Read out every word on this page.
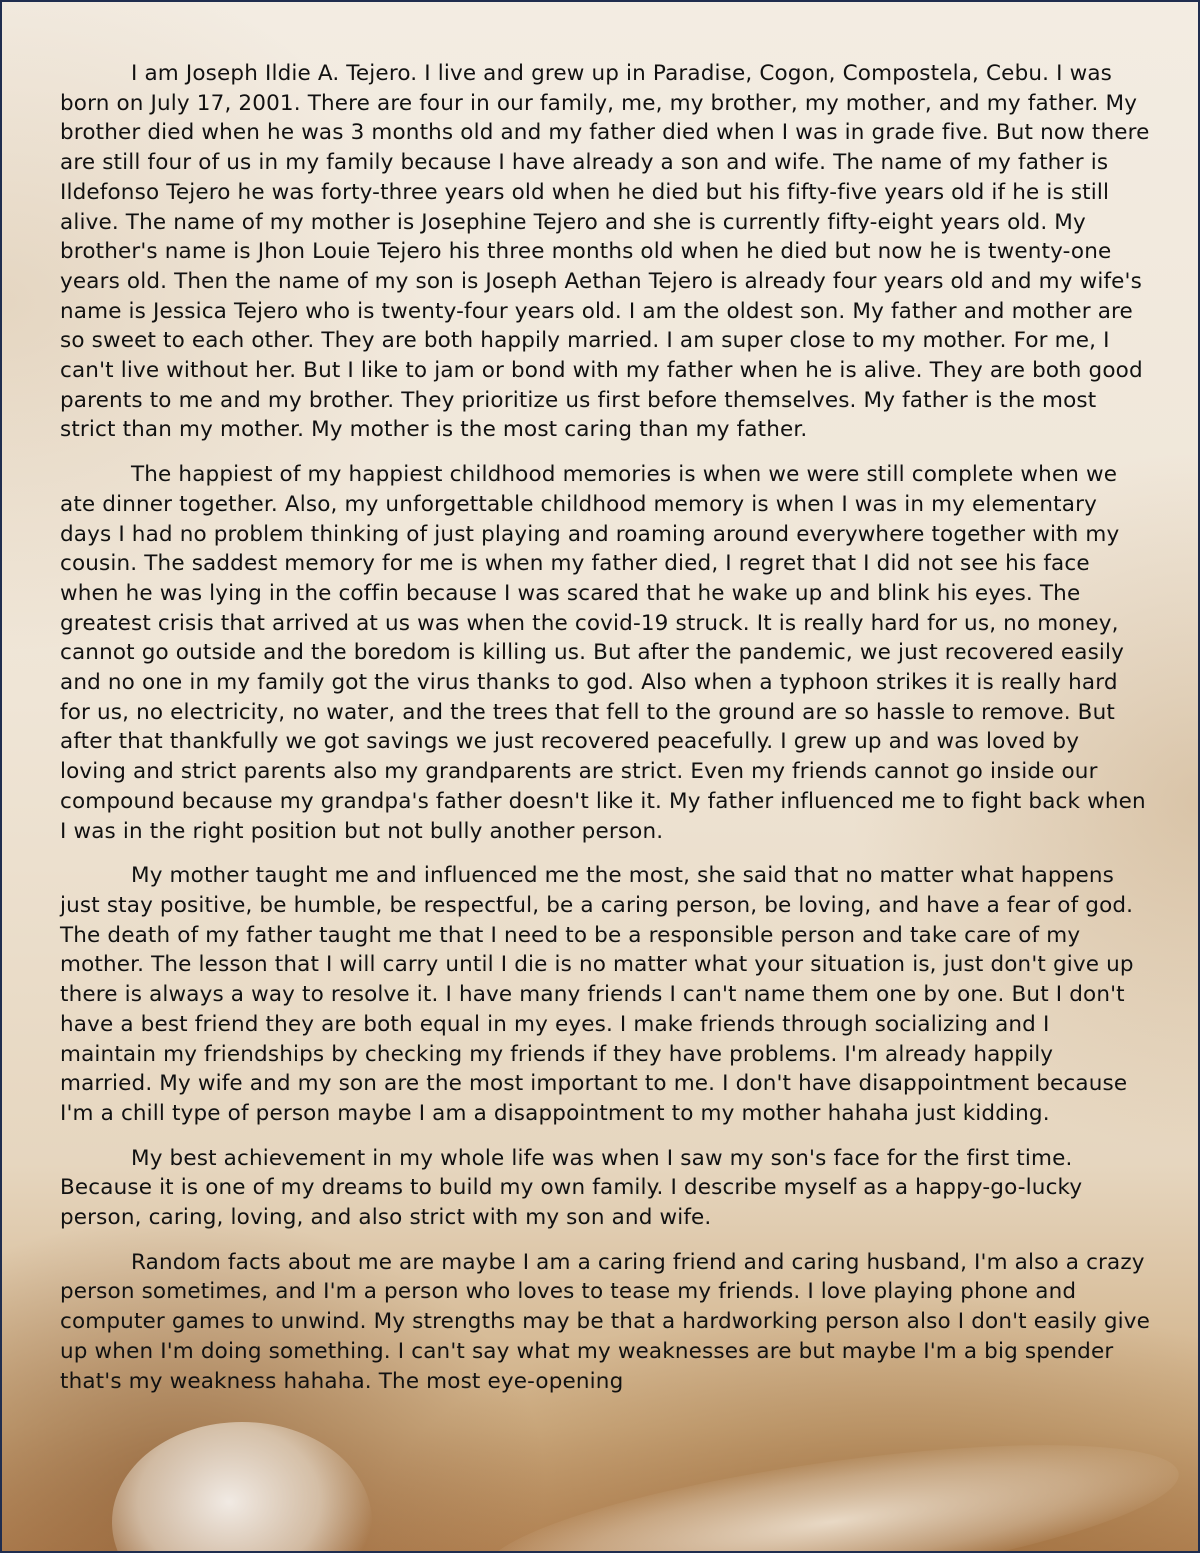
I am Joseph Ildie A. Tejero. I live and grew up in Paradise, Cogon, Compostela, Cebu. I was born on July 17, 2001. There are four in our family, me, my brother, my mother, and my father. My brother died when he was 3 months old and my father died when I was in grade five. But now there are still four of us in my family because I have already a son and wife. The name of my father is Ildefonso Tejero he was forty-three years old when he died but his fifty-five years old if he is still alive. The name of my mother is Josephine Tejero and she is currently fifty-eight years old. My brother's name is Jhon Louie Tejero his three months old when he died but now he is twenty-one years old. Then the name of my son is Joseph Aethan Tejero is already four years old and my wife's name is Jessica Tejero who is twenty-four years old. I am the oldest son. My father and mother are so sweet to each other. They are both happily married. I am super close to my mother. For me, I can't live without her. But I like to jam or bond with my father when he is alive. They are both good parents to me and my brother. They prioritize us first before themselves. My father is the most strict than my mother. My mother is the most caring than my father.

The happiest of my happiest childhood memories is when we were still complete when we ate dinner together. Also, my unforgettable childhood memory is when I was in my elementary days I had no problem thinking of just playing and roaming around everywhere together with my cousin. The saddest memory for me is when my father died, I regret that I did not see his face when he was lying in the coffin because I was scared that he wake up and blink his eyes. The greatest crisis that arrived at us was when the covid-19 struck. It is really hard for us, no money, cannot go outside and the boredom is killing us. But after the pandemic, we just recovered easily and no one in my family got the virus thanks to god. Also when a typhoon strikes it is really hard for us, no electricity, no water, and the trees that fell to the ground are so hassle to remove. But after that thankfully we got savings we just recovered peacefully. I grew up and was loved by loving and strict parents also my grandparents are strict. Even my friends cannot go inside our compound because my grandpa's father doesn't like it. My father influenced me to fight back when I was in the right position but not bully another person.

My mother taught me and influenced me the most, she said that no matter what happens just stay positive, be humble, be respectful, be a caring person, be loving, and have a fear of god. The death of my father taught me that I need to be a responsible person and take care of my mother. The lesson that I will carry until I die is no matter what your situation is, just don't give up there is always a way to resolve it. I have many friends I can't name them one by one. But I don't have a best friend they are both equal in my eyes. I make friends through socializing and I maintain my friendships by checking my friends if they have problems. I'm already happily married. My wife and my son are the most important to me. I don't have disappointment because I'm a chill type of person maybe I am a disappointment to my mother hahaha just kidding.

My best achievement in my whole life was when I saw my son's face for the first time. Because it is one of my dreams to build my own family. I describe myself as a happy-go-lucky person, caring, loving, and also strict with my son and wife.

Random facts about me are maybe I am a caring friend and caring husband, I'm also a crazy person sometimes, and I'm a person who loves to tease my friends. I love playing phone and computer games to unwind. My strengths may be that a hardworking person also I don't easily give up when I'm doing something. I can't say what my weaknesses are but maybe I'm a big spender that's my weakness hahaha. The most eye-opening
